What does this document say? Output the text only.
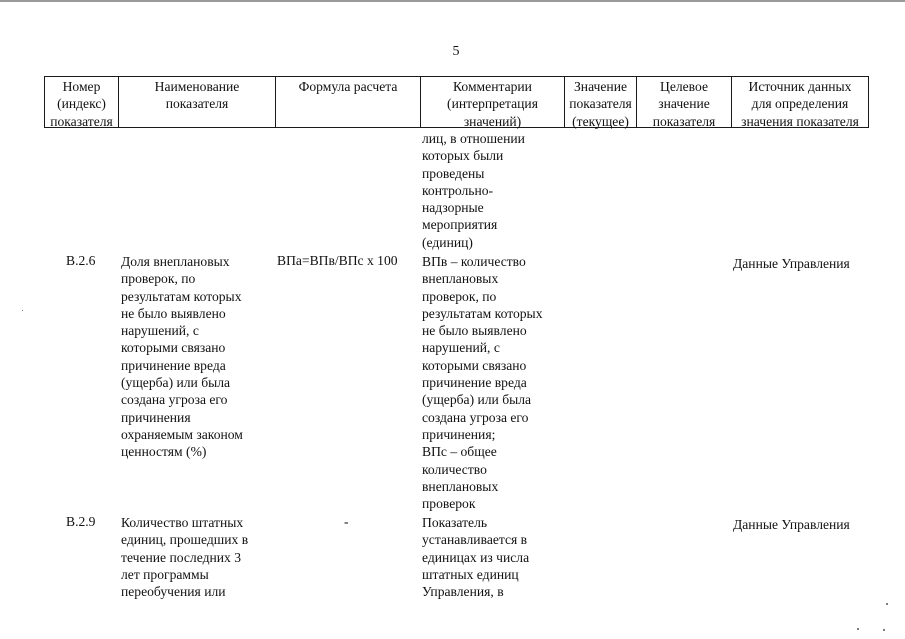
5
Номер
(индекс)
показателя
Наименование
показателя
Формула расчета	Комментарии
(интерпретация
значений)
Значение
показателя
(текущее)
Целевое
значение
показателя
Источник данных
для определения
значения показателя
лиц, в отношении
которых были
проведены
контрольно-
надзорные
мероприятия
(единиц)
В.2.6 Доля внеплановых
проверок, по
результатам которых
не было выявлено
нарушений, с
которыми связано
причинение вреда
(ущерба) или была
создана угроза его
причинения
охраняемым законом
ценностям (%)
ВПа=ВПв/ВПс х 100 ВПв – количество
внеплановых
проверок, по
результатам которых
не было выявлено
нарушений, с
которыми связано
причинение вреда
(ущерба) или была
создана угроза его
причинения;
ВПс – общее
количество
внеплановых
проверок
Данные Управления
В.2.9 Количество штатных
единиц, прошедших в
течение последних 3
лет программы
переобучения или
-	Показатель
устанавливается в
единицах из числа
штатных единиц
Управления, в
Данные Управления
